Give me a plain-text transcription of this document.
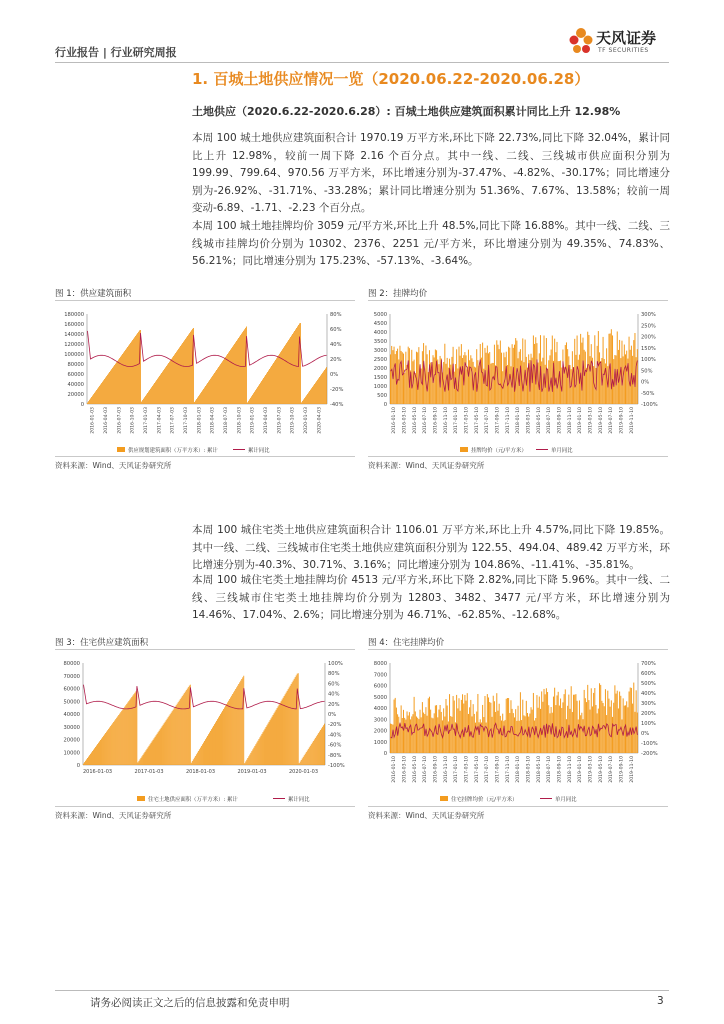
行业报告 | 行业研究周报
天风证券
TF SECURITIES
1. 百城土地供应情况一览（2020.06.22-2020.06.28）
土地供应（2020.6.22-2020.6.28）: 百城土地供应建筑面积累计同比上升 12.98%
本周 100 城土地供应建筑面积合计 1970.19 万平方米,环比下降 22.73%,同比下降 32.04%，累计同比上升 12.98%，较前一周下降 2.16 个百分点。其中一线、二线、三线城市供应面积分别为 199.99、799.64、970.56 万平方米，环比增速分别为-37.47%、-4.82%、-30.17%；同比增速分别为-26.92%、-31.71%、-33.28%；累计同比增速分别为 51.36%、7.67%、13.58%；较前一周变动-6.89、-1.71、-2.23 个百分点。
本周 100 城土地挂牌均价 3059 元/平方米,环比上升 48.5%,同比下降 16.88%。其中一线、二线、三线城市挂牌均价分别为 10302、2376、2251 元/平方米，环比增速分别为 49.35%、74.83%、56.21%；同比增速分别为 175.23%、-57.13%、-3.64%。
图 1：供应建筑面积	图 2：挂牌均价
0
20000
40000
60000
80000
100000
120000
140000
160000
180000
-40%
-20%
0%
20%
40%
60%
80%
2016-01-03 2016-04-03 2016-07-03 2016-10-03 2017-01-03 2017-04-03 2017-07-03 2017-10-03 2018-01-03 2018-04-03 2018-07-03 2018-10-03 2019-01-03 2019-04-03 2019-07-03 2019-10-03 2020-01-03 2020-04-03
供应规划建筑面积（万平方米）: 累计	累计同比
0
500
1000
1500
2000
2500
3000
3500
4000
4500
5000
-100%
-50%
0%
50%
100%
150%
200%
250%
300%
2016-01-10 2016-03-10 2016-05-10 2016-07-10 2016-09-10 2016-11-10 2017-01-10 2017-03-10 2017-05-10 2017-07-10 2017-09-10 2017-11-10 2018-01-10 2018-03-10 2018-05-10 2018-07-10 2018-09-10 2018-11-10 2019-01-10 2019-03-10 2019-05-10 2019-07-10 2019-09-10 2019-11-10
挂牌均价（元/平方米）	单月同比
资料来源：Wind、天风证券研究所	资料来源：Wind、天风证券研究所
本周 100 城住宅类土地供应建筑面积合计 1106.01 万平方米,环比上升 4.57%,同比下降 19.85%。其中一线、二线、三线城市住宅类土地供应建筑面积分别为 122.55、494.04、489.42 万平方米，环比增速分别为-40.3%、30.71%、3.16%；同比增速分别为 104.86%、-11.41%、-35.81%。
本周 100 城住宅类土地挂牌均价 4513 元/平方米,环比下降 2.82%,同比下降 5.96%。其中一线、二线、三线城市住宅类土地挂牌均价分别为 12803、3482、3477 元/平方米，环比增速分别为 14.46%、17.04%、2.6%；同比增速分别为 46.71%、-62.85%、-12.68%。
图 3：住宅供应建筑面积	图 4：住宅挂牌均价
0
10000
20000
30000
40000
50000
60000
70000
80000
-100%
-80%
-60%
-40%
-20%
0%
20%
40%
60%
80%
100%
2016-01-03	2017-01-03	2018-01-03	2019-01-03	2020-01-03
住宅土地供应面积（万平方米）: 累计	累计同比
0
1000
2000
3000
4000
5000
6000
7000
8000
-200%
-100%
0%
100%
200%
300%
400%
500%
600%
700%
2016-01-10 2016-03-10 2016-05-10 2016-07-10 2016-09-10 2016-11-10 2017-01-10 2017-03-10 2017-05-10 2017-07-10 2017-09-10 2017-11-10 2018-01-10 2018-03-10 2018-05-10 2018-07-10 2018-09-10 2018-11-10 2019-01-10 2019-03-10 2019-05-10 2019-07-10 2019-09-10 2019-11-10
住宅挂牌均价（元/平方米）	单月同比
资料来源：Wind、天风证券研究所	资料来源：Wind、天风证券研究所
请务必阅读正文之后的信息披露和免责申明	3
